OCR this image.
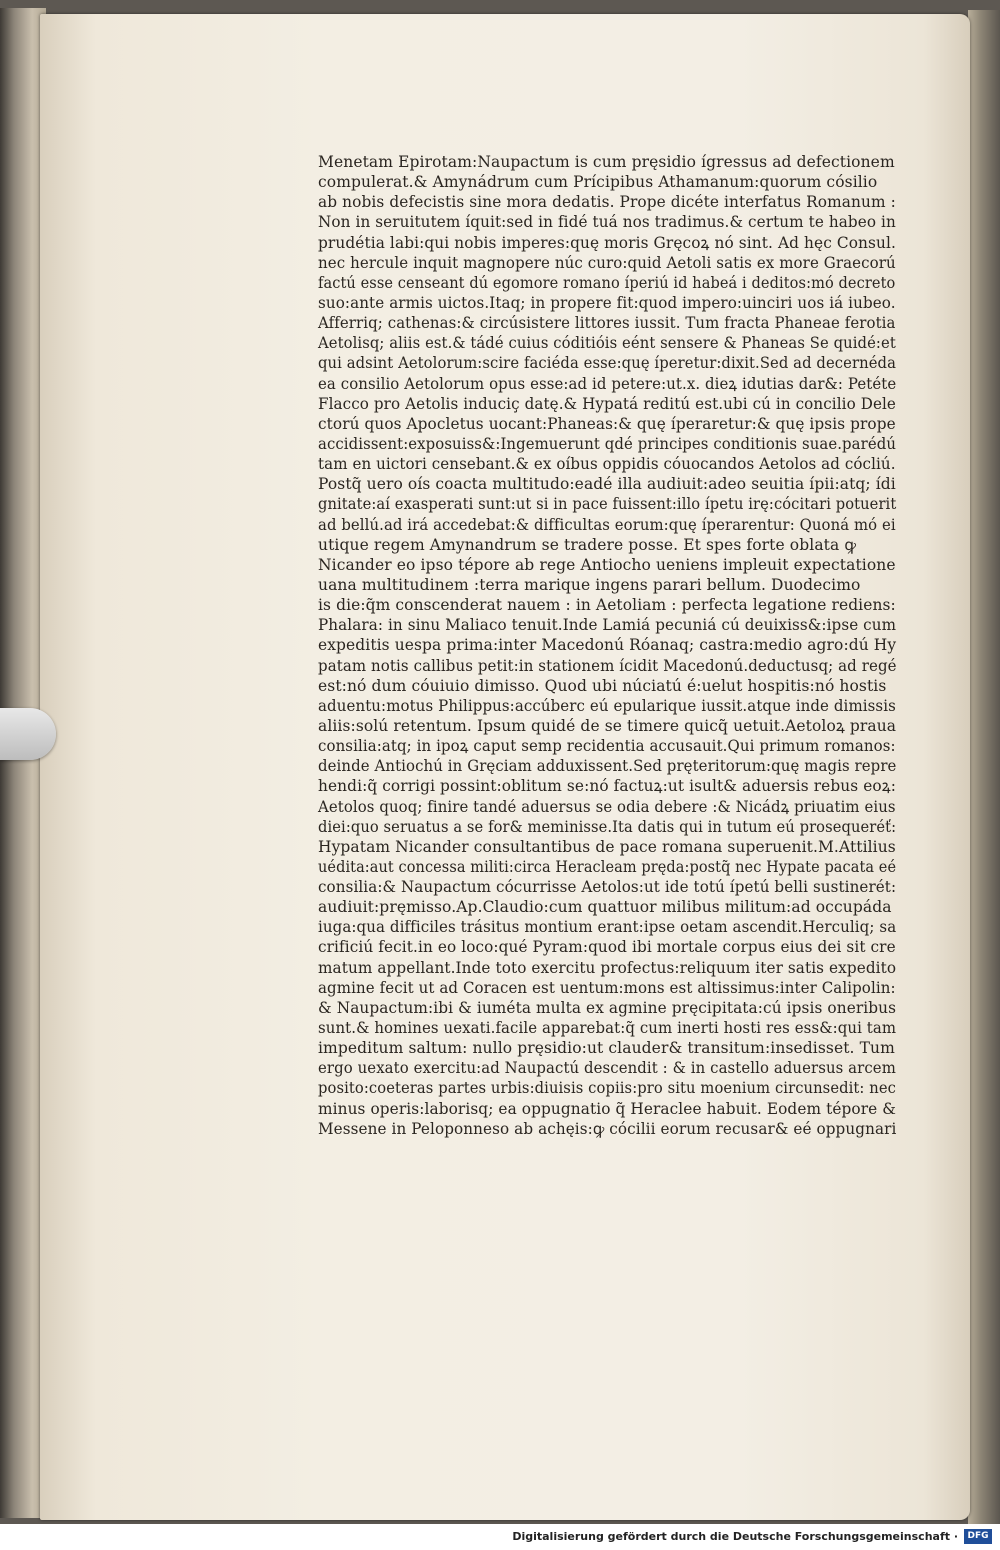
Menetam Epirotam:Naupactum is cum pręsidio ígressus ad defectionem
compulerat.& Amynádrum cum Prícipibus Athamanum:quorum cósilio
ab nobis defecistis sine mora dedatis. Prope dicéte interfatus Romanum :
Non in seruitutem íquit:sed in fidé tuá nos tradimus.& certum te habeo in
prudétia labi:qui nobis imperes:quę moris Gręcoꝝ nó sint. Ad hęc Consul.
nec hercule inquit magnopere núc curo:quid Aetoli satis ex more Graecorú
factú esse censeant dú egomore romano íperiú id habeá i deditos:mó decreto
suo:ante armis uictos.Itaq; in propere fit:quod impero:uinciri uos iá iubeo.
Afferriq; cathenas:& circúsistere littores iussit. Tum fracta Phaneae ferotia
Aetolisq; aliis est.& tádé cuius códitióis eént sensere & Phaneas Se quidé:et
qui adsint Aetolorum:scire faciéda esse:quę íperetur:dixit.Sed ad decernéda
ea consilio Aetolorum opus esse:ad id petere:ut.x. dieꝝ idutias dar&: Petéte
Flacco pro Aetolis induciç datę.& Hypatá reditú est.ubi cú in concilio Dele
ctorú quos Apocletus uocant:Phaneas:& quę íperaretur:& quę ipsis prope
accidissent:exposuiss&:Ingemuerunt qdé principes conditionis suae.parédú
tam en uictori censebant.& ex oíbus oppidis cóuocandos Aetolos ad cócliú.
Postq̃ uero oís coacta multitudo:eadé illa audiuit:adeo seuitia ípii:atq; ídi
gnitate:aí exasperati sunt:ut si in pace fuissent:illo ípetu irę:cócitari potuerit
ad bellú.ad irá accedebat:& difficultas eorum:quę íperarentur: Quoná mó ei
utique regem Amynandrum se tradere posse. Et spes forte oblata ꝙ
Nicander eo ipso tépore ab rege Antiocho ueniens impleuit expectatione
uana multitudinem :terra marique ingens parari bellum. Duodecimo
is die:q̃m conscenderat nauem : in Aetoliam : perfecta legatione rediens:
Phalara: in sinu Maliaco tenuit.Inde Lamiá pecuniá cú deuixiss&:ipse cum
expeditis uespa prima:inter Macedonú Róanaq; castra:medio agro:dú Hy
patam notis callibus petit:in stationem ícidit Macedonú.deductusq; ad regé
est:nó dum cóuiuio dimisso. Quod ubi núciatú é:uelut hospitis:nó hostis
aduentu:motus Philippus:accúberc eú epularique iussit.atque inde dimissis
aliis:solú retentum. Ipsum quidé de se timere quicq̃ uetuit.Aetoloꝝ praua
consilia:atq; in ipoꝝ caput semp recidentia accusauit.Qui primum romanos:
deinde Antiochú in Gręciam adduxissent.Sed pręteritorum:quę magis repre
hendi:q̃ corrigi possint:oblitum se:nó factuꝝ:ut isult& aduersis rebus eoꝝ:
Aetolos quoq; finire tandé aduersus se odia debere :& Nicádꝝ priuatim eius
diei:quo seruatus a se for& meminisse.Ita datis qui in tutum eú prosequeréť:
Hypatam Nicander consultantibus de pace romana superuenit.M.Attilius
uédita:aut concessa militi:circa Heracleam pręda:postq̃ nec Hypate pacata eé
consilia:& Naupactum cócurrisse Aetolos:ut ide totú ípetú belli sustinerét:
audiuit:pręmisso.Ap.Claudio:cum quattuor milibus militum:ad occupáda
iuga:qua difficiles trásitus montium erant:ipse oetam ascendit.Herculiq; sa
crificiú fecit.in eo loco:qué Pyram:quod ibi mortale corpus eius dei sit cre
matum appellant.Inde toto exercitu profectus:reliquum iter satis expedito
agmine fecit ut ad Coracen est uentum:mons est altissimus:inter Calipolin:
& Naupactum:ibi & iuméta multa ex agmine pręcipitata:cú ipsis oneribus
sunt.& homines uexati.facile apparebat:q̃ cum inerti hosti res ess&:qui tam
impeditum saltum: nullo pręsidio:ut clauder& transitum:insedisset. Tum
ergo uexato exercitu:ad Naupactú descendit : & in castello aduersus arcem
posito:coeteras partes urbis:diuisis copiis:pro situ moenium circunsedit: nec
minus operis:laborisq; ea oppugnatio q̃ Heraclee habuit. Eodem tépore &
Messene in Peloponneso ab achęis:ꝙ cócilii eorum recusar& eé oppugnari
Digitalisierung gefördert durch die Deutsche Forschungsgemeinschaft ·	DFG
